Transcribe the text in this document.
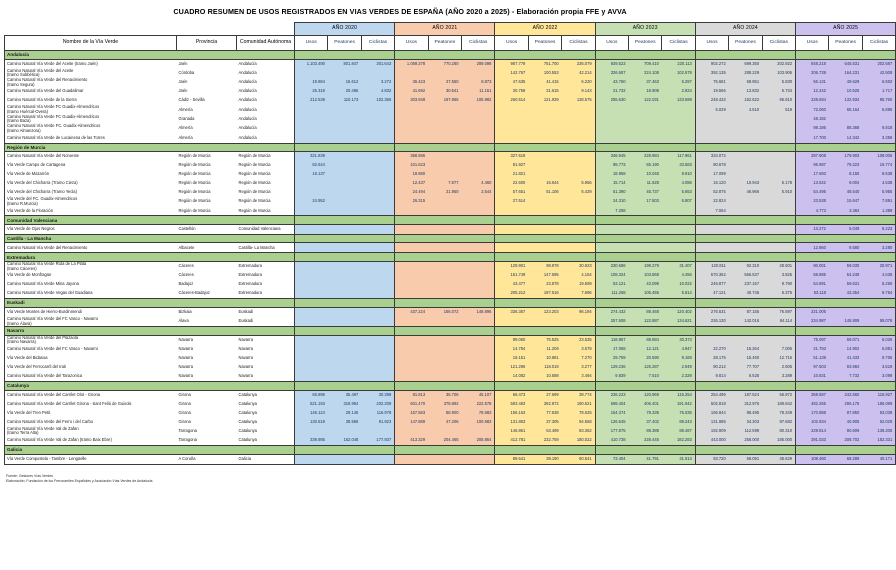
CUADRO RESUMEN DE USOS REGISTRADOS EN VIAS VERDES DE ESPAÑA (AÑO 2020 a 2025) - Elaboración propia FFE y AVVA
			AÑO 2020			AÑO 2021			AÑO 2022			AÑO 2023			AÑO 2024			AÑO 2025		
Nombre de la Vía Verde	Provincia	Comunidad Autónoma	Usos	Peatones	Ciclistas	Usos	Peatones	Ciclistas	Usos	Peatones	Ciclistas	Usos	Peatones	Ciclistas	Usos	Peatones	Ciclistas	Usos	Peatones	Ciclistas
Andalucía																				

Camino Natural Vía Verde del Aceite (tramo Jaén)	Jaén	Andalucía	1.103.490	801.847	301.643	1.059.378	770.280	289.098	987.779	751.700	236.079	929.523	709.410	220.113	902.272	699.350	202.922	848.218	645.531	202.687

Camino Natural Vía Verde del Aceite
(tramo Subbética)	Córdoba	Andalucía							142.767	100.553	42.214	326.687	224.108	102.579	392.135	288.229	103.906	206.739	164.231	42.508

Camino Natural Vía Verde del Renacimiento
(tramo Segura)	Jaén	Andalucía	19.884	16.612	3.272	36.423	27.550	8.873	47.635	41.415	6.220	43.760	37.463	6.297	75.681	69.851	5.830	56.131	49.629	6.502

Camino Natural Vía Verde del Guadalimar	Jaén	Andalucía	25.318	20.486	4.832	41.692	30.541	11.151	30.758	21.615	9.143	21.732	18.908	2.824	19.566	13.832	5.734	12.242	10.525	1.717

Camino Natural Vía Verde de la Sierra	Cádiz - Sevilla	Andalucía	212.539	110.173	102.366	303.948	197.966	105.982	260.514	121.939	138.575	255.630	122.031	133.599	248.432	152.622	95.810	228.694	132.934	95.760

Camino Natural Vía Verde FC Guadix-Almendricos
(tramo Huércal-Overa)	Almería	Andalucía													5.029	4.510	519	72.060	65.164	6.896

Camino Natural Vía Verde FC Guadix-Almendricos
(tramo Baza)	Granada	Andalucía																48.182		

Camino Natural Vía Verde FC. Guadix-Almendricos
(tramo Almanzora)	Almería	Andalucía																98.186	88.368	9.818

Camino Natural Vía Verde de Lucainena de las Torres	Almería	Andalucía																17.700	14.342	3.358
Región de Murcia																				

Camino Natural Vía Verde del Noroeste	Región de Murcia	Región de Murcia	321.839			368.586			327.619			346.945	228.984	117.961	334.072			287.908	179.903	108.005

Vía Verde Campo de Cartagena	Región de Murcia	Región de Murcia	82.644			101.623			81.927			98.773	65.190	33.583	80.678			95.997	79.223	16.774

Vía Verde de Mazarrón	Región de Murcia	Región de Murcia	19.137			18.980			21.821			18.958	10.048	8.910	17.099			17.693	8.155	9.538

Vía Verde del Chicharra (Tramo Cieza)	Región de Murcia	Región de Murcia				12.437	7.977	4.460	22.600	16.644	5.956	15.714	11.628	4.086	16.120	10.943	5.178	13.542	9.004	4.538

Vía Verde del Chicharra (Tramo Yecla)	Región de Murcia	Región de Murcia				24.494	21.950	2.544	57.651	51.106	5.429	51.390	45.737	5.653	52.875	46.966	5.910	54.495	48.540	5.955

Vía Verde del FC. Guadix-Almendricos
(tramo R.Murcia)	Región de Murcia	Región de Murcia	24.952			26.315			27.514			24.310	17.503	6.807	22.824			23.538	15.647	7.891

Vía Verde de la Floración	Región de Murcia	Región de Murcia										7.258			7.064			4.773	3.384	1.389
Comunidad Valenciana																				

Vía Verde de Ojos Negros	Castellón	Comunidad Valenciana																13.272	5.049	8.223
Castilla - La Mancha																				

Camino Natural Vía Verde del Renacimiento	Albacete	Castilla- La Mancha																12.860	9.580	3.280
Extremadura																				

Camino Natural Vía Verde Ruta de La Plata
(tramo Cáceres)	Cáceres	Extremadura							129.901	98.978	30.923	230.686	199.279	31.407	120.811	92.310	28.501	80.001	59.030	20.971

Vía Verde de Monfragüe	Cáceres	Extremadura							151.749	147.595	4.154	108.324	103.868	4.456	570.362	566.537	3.825	58.885	54.249	4.636

Camino Natural Vía Verde Mina Jayona	Badajoz	Extremadura							43.477	23.878	19.599	53.121	43.099	10.022	246.877	237.167	9.790	64.891	59.631	5.260

Camino Natural Vía Verde Vegas del Guadiana	Cáceres-Badajoz	Extremadura							205.212	197.516	7.696	111.268	105.455	5.814	47.121	40.746	6.375	53.118	43.354	9.764
Euskadi																				

Vía Verde Montes de Hierro-Burdinmendi	Bizkaia	Euskadi				437.224	156.072	148.896	336.367	123.203	96.194	274.432	88.468	120.402	276.531	87.155	76.597	221.005		

Camino Natural Vía Verde del FC Vasco - Navarro
(tramo Álava)	Álava	Euskadi										257.508	122.887	134.621	226.130	142.016	84.114	234.987	145.909	89.078
Navarra																				

Camino Natural Vía Verde del Plazaola
(tramo Navarra)	Navarra	Navarra							99.060	75.525	23.535	118.957	88.584	30.373				75.097	69.071	6.026

Camino Natural Vía Verde del FC Vasco - Navarro	Navarra	Navarra							14.784	11.206	3.578	17.068	12.121	4.947	22.270	15.264	7.006	21.793	14.902	6.891

Vía Verde del Bidasoa	Navarra	Navarra							18.151	10.881	7.270	29.759	20.590	9.169	28.176	15.460	12.716	51.139	41.433	9.706

Vía Verde del Ferrocarril del Irati	Navarra	Navarra							121.296	118.019	3.277	129.236	126.287	2.949	80.212	77.707	2.505	97.503	93.984	3.519

Camino Natural Vía Verde del Tarazonica	Navarra	Navarra							14.082	10.588	3.494	9.839	7.510	2.329	9.814	6.525	3.289	10.831	7.732	3.099
Catalunya																				

Camino Natural Vía Verde del Carrilet Olot - Girona	Girona	Catalunya	65.896	35.497	30.399	81.813	36.706	45.107	66.473	27.699	38.774	236.223	120.969	115.254	254.496	187.524	66.972	359.587	242.660	116.927

Camino Natural Vía Verde del Carrilet Girona - Sant Feliú de Guixols	Girona	Catalunya	521.193	318.984	202.209	601.470	378.892	222.578	583.493	392.872	190.621	598.404	406.401	191.942	502.818	312.976	189.842	482.265	296.176	186.089

Vía Verde del Tren Petit	Girona	Catalunya	146.124	29.146	116.978	167.583	88.900	78.683	156.163	77.538	78.625	154.374	79.339	75.035	166.844	88.495	78.349	170.888	87.850	83.038

Camino Natural Vía Verde del Ferro i del Carbo	Girona	Catalunya	130.519	38.596	91.923	147.889	47.206	100.683	131.863	37.305	94.558	126.645	37.402	89.243	131.885	34.203	97.682	102.934	40.905	62.029

Camino Natural Vía Verde Val de Zafan
(tramo Terra Alta)	Tarragona	Catalunya							146.861	63.499	83.362	177.875	89.388	88.487	192.909	112.599	80.310	229.814	90.609	139.205

Camino Natural Vía Verde Val de Zafan (tramo Baix Ebre)	Tarragona	Catalunya	339.985	162.048	177.937	413.329	204.465	208.864	412.781	232.759	180.022	410.738	228.445	182.283	443.000	258.000	185.000	391.033	208.702	182.331
Galicia																				

Vía Verde Compostela - Tambre - Lengüelle	A Coruña	Galicia							89.641	39.190	50.541	73.404	41.791	31.613	93.720	58.091	35.629	108.460	68.289	40.171
Fuente: Gestores Vías Verdes
Elaboración: Fundación de los Ferrocarriles Españoles y Asociación Vías Verdes de Andalucía
